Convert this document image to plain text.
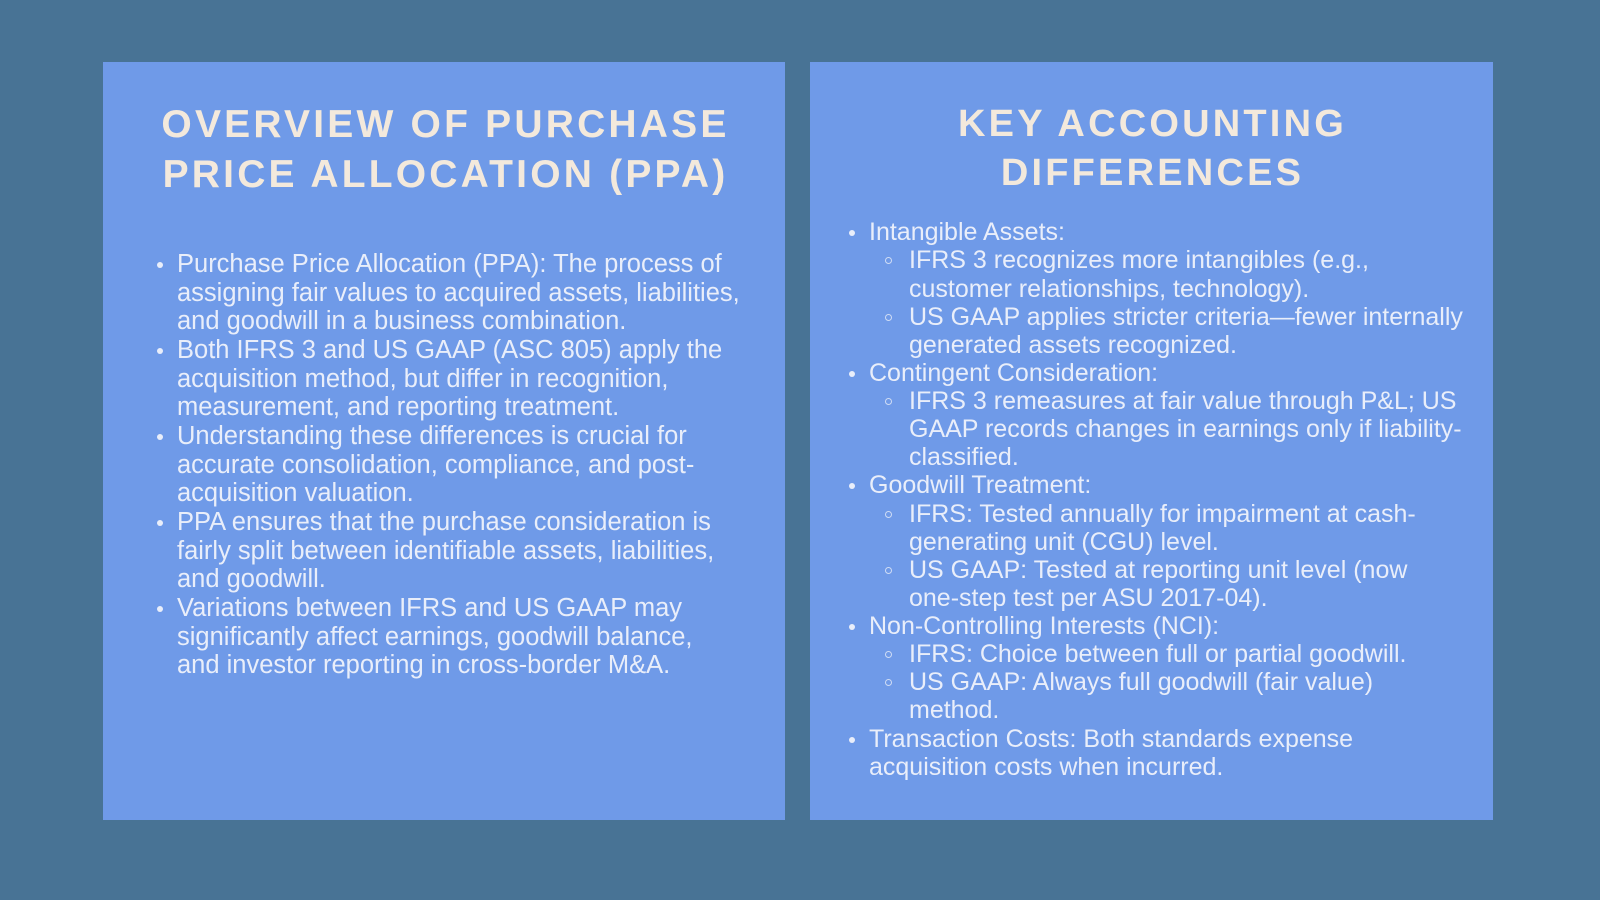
OVERVIEW OF PURCHASE PRICE ALLOCATION (PPA)
Purchase Price Allocation (PPA): The process of assigning fair values to acquired assets, liabilities, and goodwill in a business combination.
Both IFRS 3 and US GAAP (ASC 805) apply the acquisition method, but differ in recognition, measurement, and reporting treatment.
Understanding these differences is crucial for accurate consolidation, compliance, and post-acquisition valuation.
PPA ensures that the purchase consideration is fairly split between identifiable assets, liabilities, and goodwill.
Variations between IFRS and US GAAP may significantly affect earnings, goodwill balance, and investor reporting in cross-border M&A.
KEY ACCOUNTING DIFFERENCES
Intangible Assets:
IFRS 3 recognizes more intangibles (e.g., customer relationships, technology).
US GAAP applies stricter criteria—fewer internally generated assets recognized.
Contingent Consideration:
IFRS 3 remeasures at fair value through P&L; US GAAP records changes in earnings only if liability-classified.
Goodwill Treatment:
IFRS: Tested annually for impairment at cash-generating unit (CGU) level.
US GAAP: Tested at reporting unit level (now one-step test per ASU 2017-04).
Non-Controlling Interests (NCI):
IFRS: Choice between full or partial goodwill.
US GAAP: Always full goodwill (fair value) method.
Transaction Costs: Both standards expense acquisition costs when incurred.
